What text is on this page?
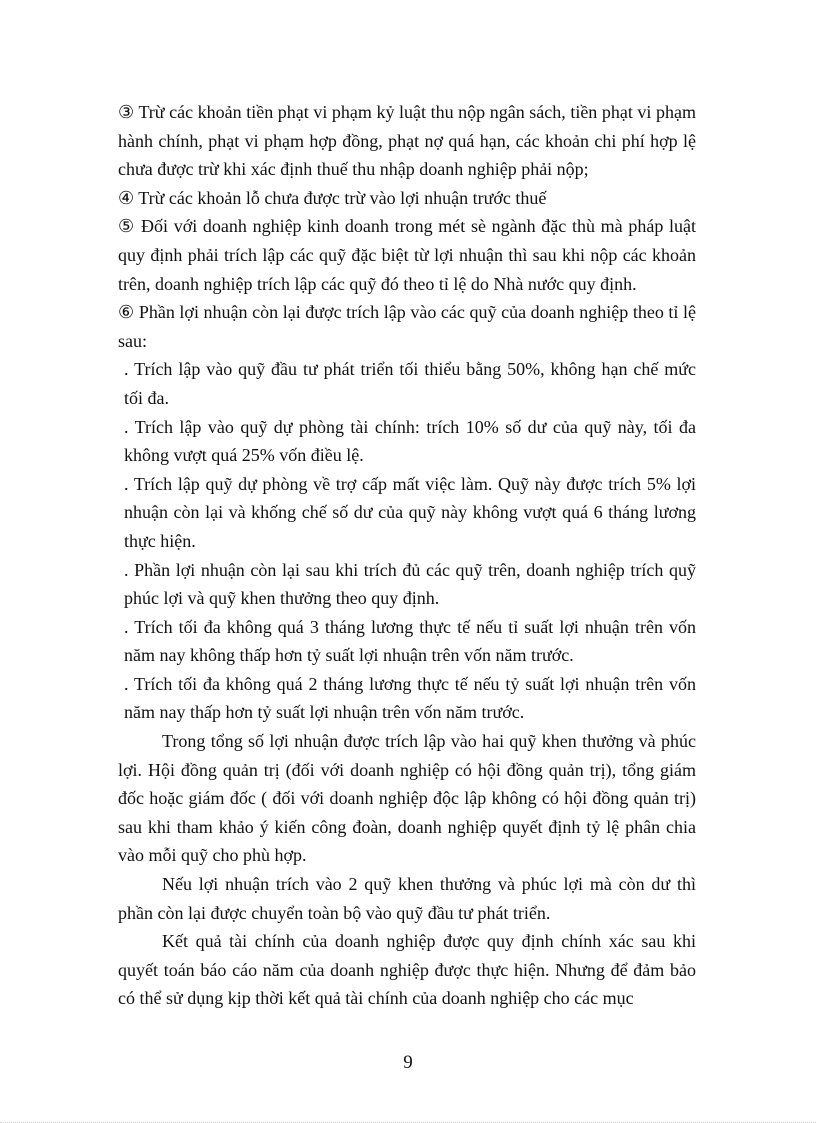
③ Trừ các khoản tiền phạt vi phạm kỷ luật thu nộp ngân sách, tiền phạt vi phạm hành chính, phạt vi phạm hợp đồng, phạt nợ quá hạn, các khoản chi phí hợp lệ chưa được trừ khi xác định thuế thu nhập doanh nghiệp phải nộp;

④ Trừ các khoản lỗ chưa được trừ vào lợi nhuận trước thuế

⑤ Đối với doanh nghiệp kinh doanh trong mét sè ngành đặc thù mà pháp luật quy định phải trích lập các quỹ đặc biệt từ lợi nhuận thì sau khi nộp các khoản trên, doanh nghiệp trích lập các quỹ đó theo tỉ lệ do Nhà nước quy định.

⑥ Phần lợi nhuận còn lại được trích lập vào các quỹ của doanh nghiệp theo tỉ lệ sau:

. Trích lập vào quỹ đầu tư phát triển tối thiểu bằng 50%, không hạn chế mức tối đa.

. Trích lập vào quỹ dự phòng tài chính: trích 10% số dư của quỹ này, tối đa không vượt quá 25% vốn điều lệ.

. Trích lập quỹ dự phòng về trợ cấp mất việc làm. Quỹ này được trích 5% lợi nhuận còn lại và khống chế số dư của quỹ này không vượt quá 6 tháng lương thực hiện.

. Phần lợi nhuận còn lại sau khi trích đủ các quỹ trên, doanh nghiệp trích quỹ phúc lợi và quỹ khen thưởng theo quy định.

. Trích tối đa không quá 3 tháng lương thực tế nếu tỉ suất lợi nhuận trên vốn năm nay không thấp hơn tỷ suất lợi nhuận trên vốn năm trước.

. Trích tối đa không quá 2 tháng lương thực tế nếu tỷ suất lợi nhuận trên vốn năm nay thấp hơn tỷ suất lợi nhuận trên vốn năm trước.

Trong tổng số lợi nhuận được trích lập vào hai quỹ khen thưởng và phúc lợi. Hội đồng quản trị (đối với doanh nghiệp có hội đồng quản trị), tổng giám đốc hoặc giám đốc ( đối với doanh nghiệp độc lập không có hội đồng quản trị) sau khi tham khảo ý kiến công đoàn, doanh nghiệp quyết định tỷ lệ phân chia vào mỗi quỹ cho phù hợp.

Nếu lợi nhuận trích vào 2 quỹ khen thưởng và phúc lợi mà còn dư thì phần còn lại được chuyển toàn bộ vào quỹ đầu tư phát triển.

Kết quả tài chính của doanh nghiệp được quy định chính xác sau khi quyết toán báo cáo năm của doanh nghiệp được thực hiện. Nhưng để đảm bảo có thể sử dụng kịp thời kết quả tài chính của doanh nghiệp cho các mục

9
